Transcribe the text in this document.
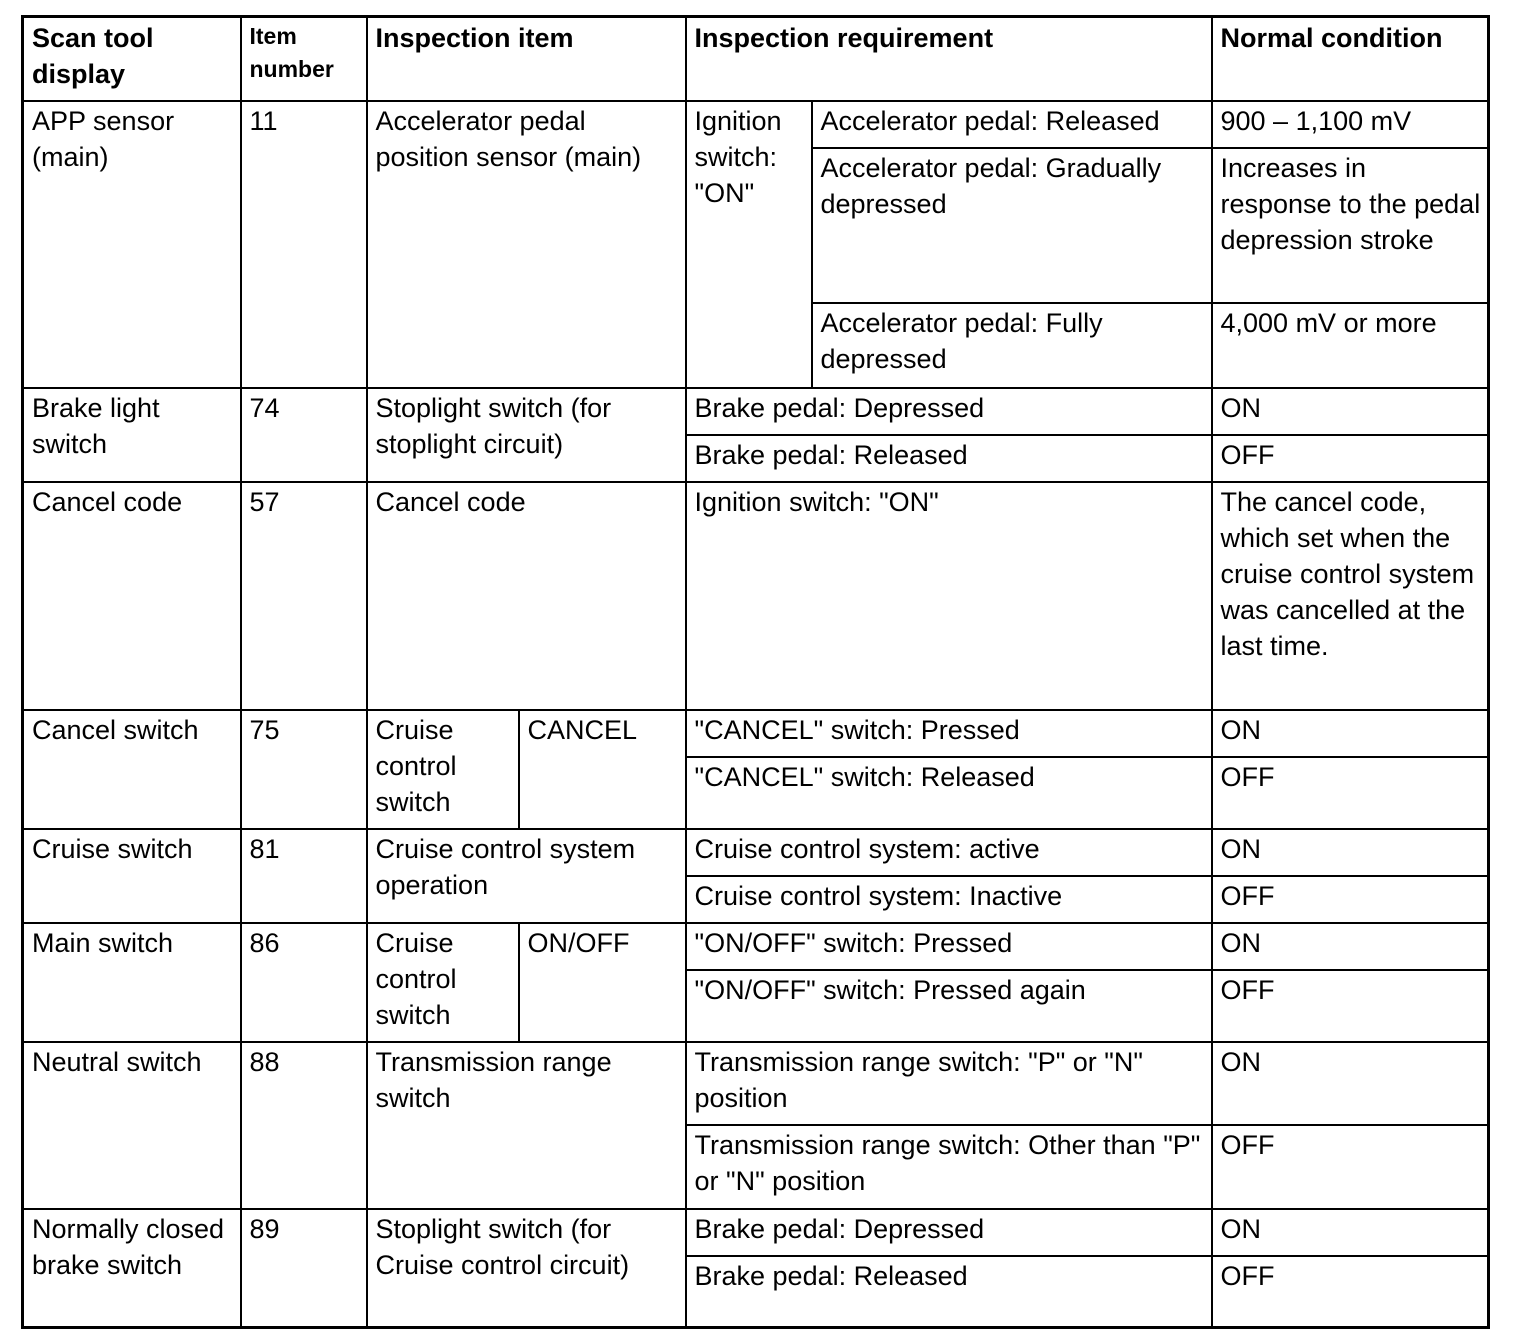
Scan tool display	Item number	Inspection item		Inspection requirement		Normal condition
APP sensor (main)	11	Accelerator pedal position sensor (main)		Ignition switch: "ON"	Accelerator pedal: Released	900 – 1,100 mV
					Accelerator pedal: Gradually depressed	Increases in response to the pedal depression stroke
					Accelerator pedal: Fully depressed	4,000 mV or more
Brake light switch	74	Stoplight switch (for stoplight circuit)		Brake pedal: Depressed		ON
				Brake pedal: Released		OFF
Cancel code	57	Cancel code		Ignition switch: "ON"		The cancel code, which set when the cruise control system was cancelled at the last time.
Cancel switch	75	Cruise control switch	CANCEL	"CANCEL" switch: Pressed		ON
				"CANCEL" switch: Released		OFF
Cruise switch	81	Cruise control system operation		Cruise control system: active		ON
				Cruise control system: Inactive		OFF
Main switch	86	Cruise control switch	ON/OFF	"ON/OFF" switch: Pressed		ON
				"ON/OFF" switch: Pressed again		OFF
Neutral switch	88	Transmission range switch		Transmission range switch: "P" or "N" position		ON
				Transmission range switch: Other than "P" or "N" position		OFF
Normally closed brake switch	89	Stoplight switch (for Cruise control circuit)		Brake pedal: Depressed		ON
				Brake pedal: Released		OFF
